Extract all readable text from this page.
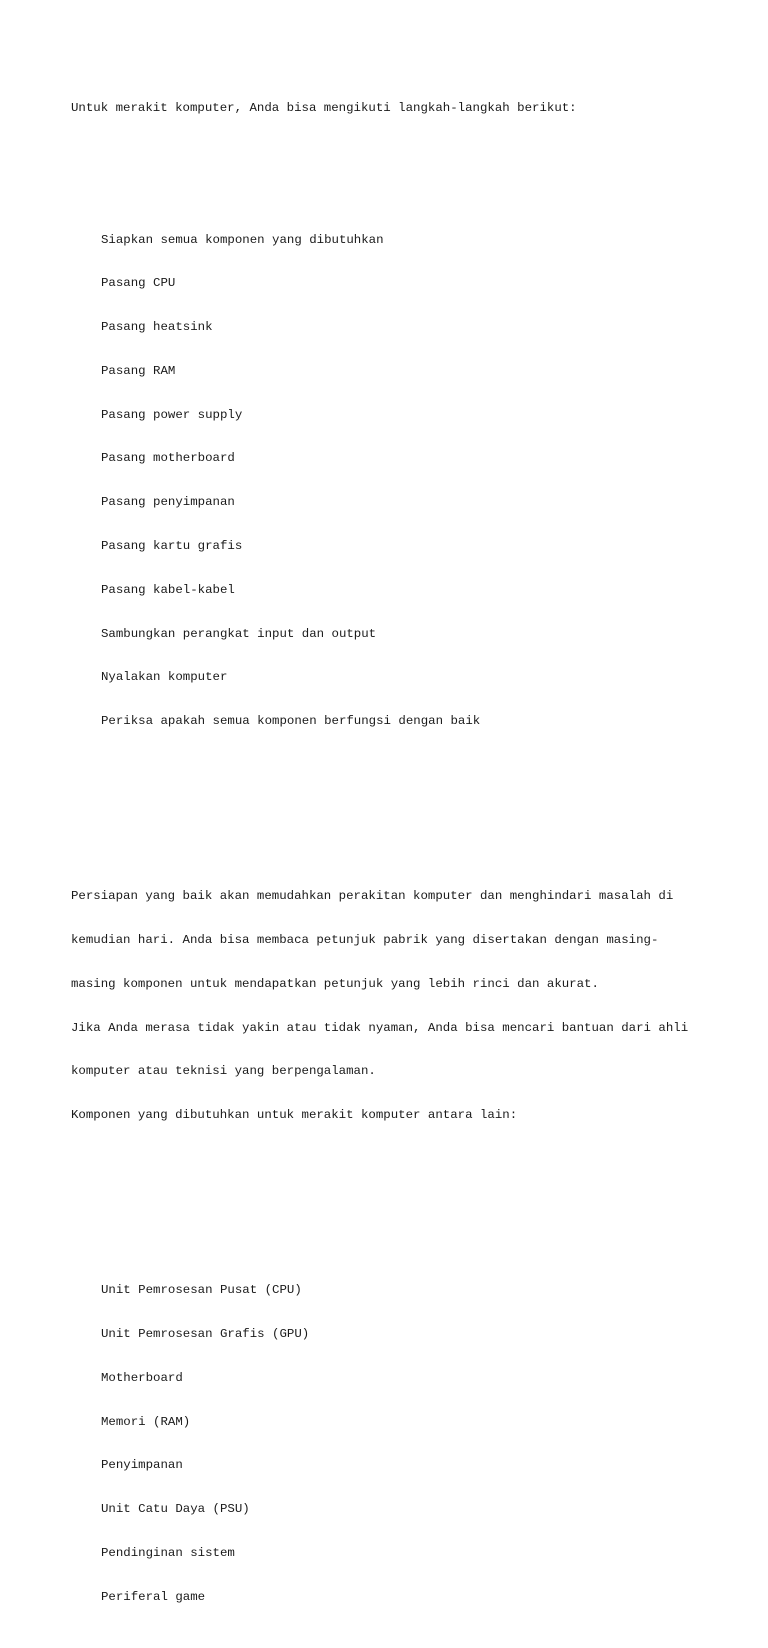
Untuk merakit komputer, Anda bisa mengikuti langkah-langkah berikut:

Siapkan semua komponen yang dibutuhkan

Pasang CPU

Pasang heatsink

Pasang RAM

Pasang power supply

Pasang motherboard

Pasang penyimpanan

Pasang kartu grafis

Pasang kabel-kabel

Sambungkan perangkat input dan output

Nyalakan komputer

Periksa apakah semua komponen berfungsi dengan baik

Persiapan yang baik akan memudahkan perakitan komputer dan menghindari masalah di

kemudian hari. Anda bisa membaca petunjuk pabrik yang disertakan dengan masing-

masing komponen untuk mendapatkan petunjuk yang lebih rinci dan akurat.

Jika Anda merasa tidak yakin atau tidak nyaman, Anda bisa mencari bantuan dari ahli

komputer atau teknisi yang berpengalaman.

Komponen yang dibutuhkan untuk merakit komputer antara lain:

Unit Pemrosesan Pusat (CPU)

Unit Pemrosesan Grafis (GPU)

Motherboard

Memori (RAM)

Penyimpanan

Unit Catu Daya (PSU)

Pendinginan sistem

Periferal game
